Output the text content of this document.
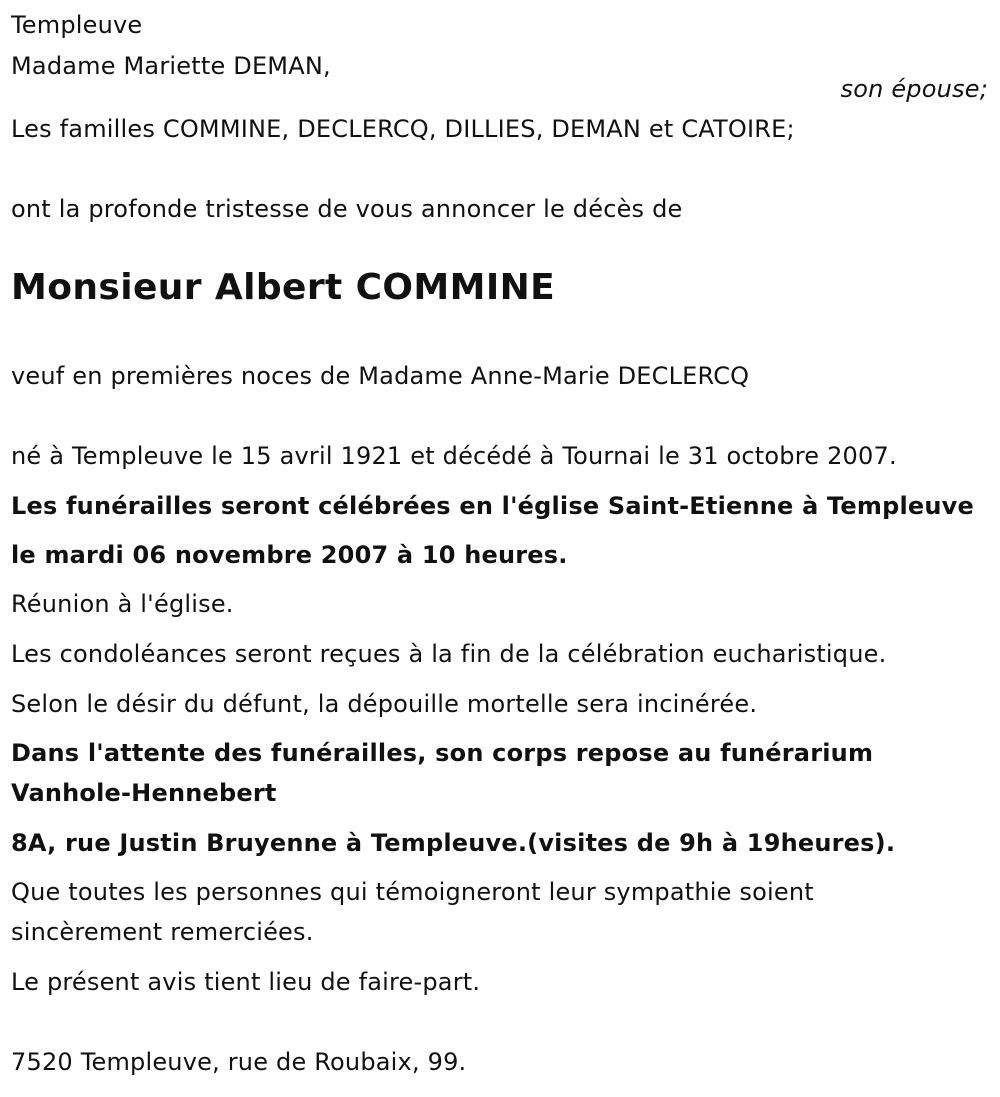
Templeuve

Madame Mariette DEMAN,

son épouse;

Les familles COMMINE, DECLERCQ, DILLIES, DEMAN et CATOIRE;

ont la profonde tristesse de vous annoncer le décès de

Monsieur Albert COMMINE

veuf en premières noces de Madame Anne-Marie DECLERCQ

né à Templeuve le 15 avril 1921 et décédé à Tournai le 31 octobre 2007.

Les funérailles seront célébrées en l'église Saint-Etienne à Templeuve

le mardi 06 novembre 2007 à 10 heures.

Réunion à l'église.

Les condoléances seront reçues à la fin de la célébration eucharistique.

Selon le désir du défunt, la dépouille mortelle sera incinérée.

Dans l'attente des funérailles, son corps repose au funérarium

Vanhole-Hennebert

8A, rue Justin Bruyenne à Templeuve.(visites de 9h à 19heures).

Que toutes les personnes qui témoigneront leur sympathie soient

sincèrement remerciées.

Le présent avis tient lieu de faire-part.

7520 Templeuve, rue de Roubaix, 99.
